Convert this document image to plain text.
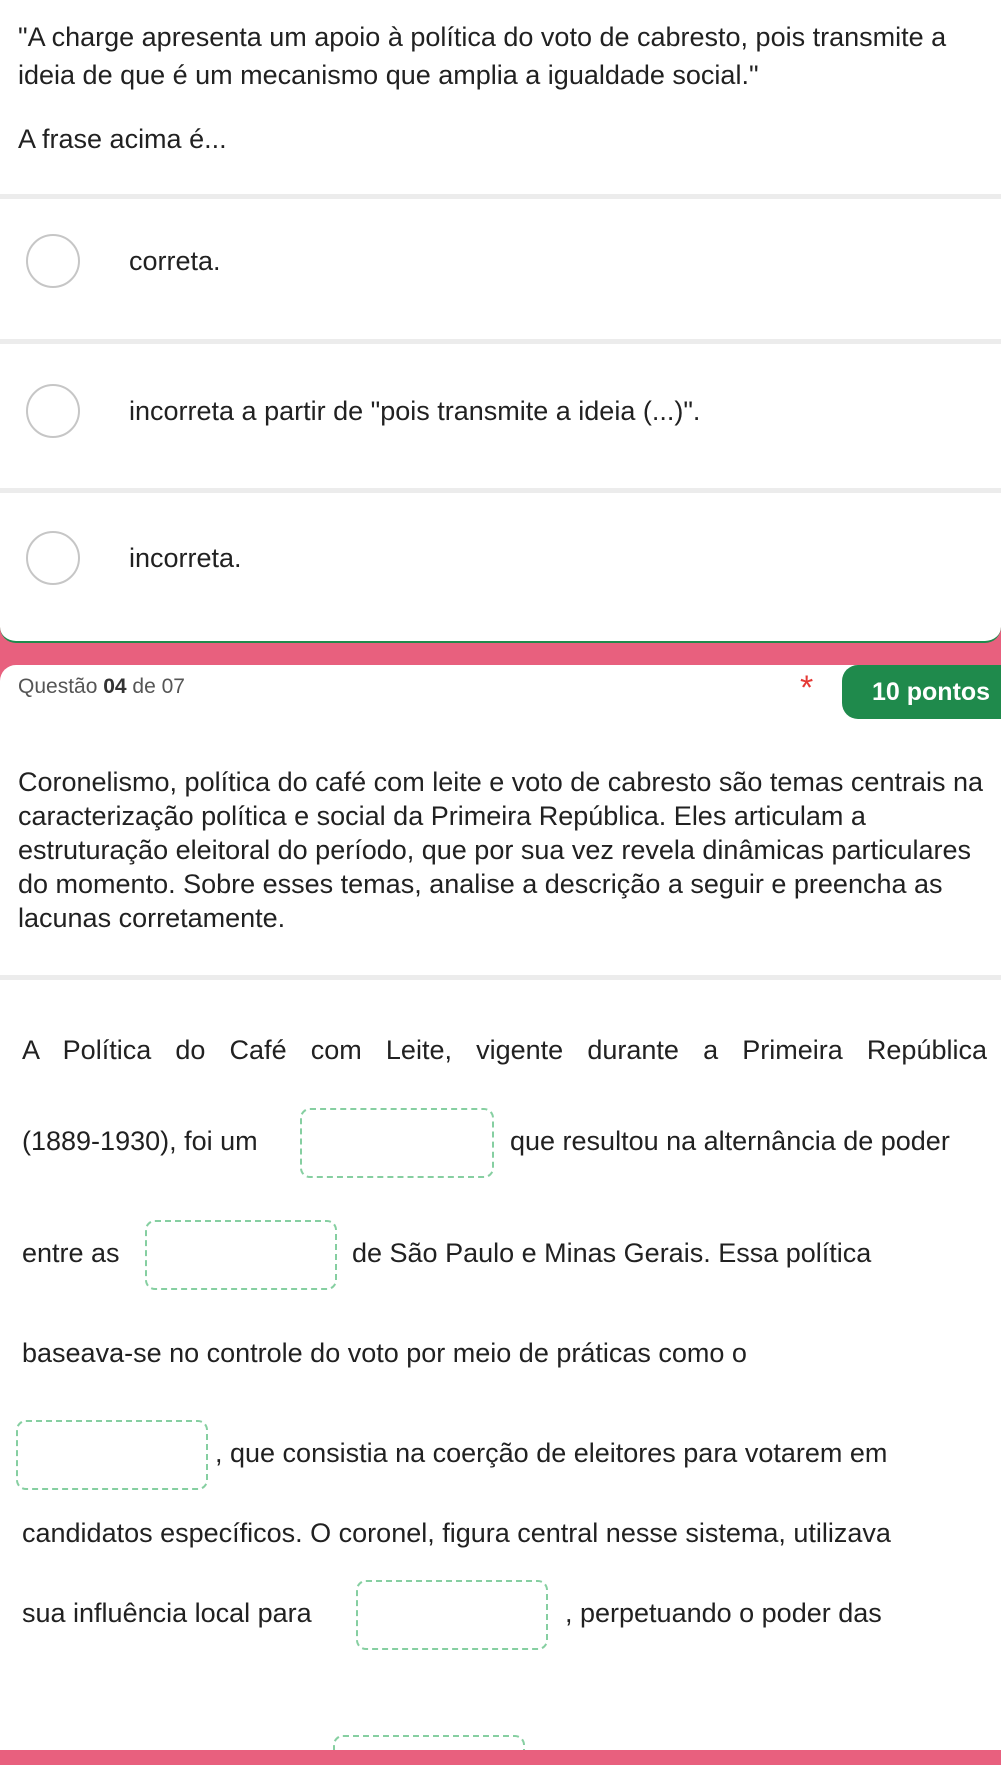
"A charge apresenta um apoio à política do voto de cabresto, pois transmite a ideia de que é um mecanismo que amplia a igualdade social."

A frase acima é...

correta.
incorreta a partir de "pois transmite a ideia (...)".
incorreta.
Questão 04 de 07	*	10 pontos

Coronelismo, política do café com leite e voto de cabresto são temas centrais na caracterização política e social da Primeira República. Eles articulam a estruturação eleitoral do período, que por sua vez revela dinâmicas particulares do momento. Sobre esses temas, analise a descrição a seguir e preencha as lacunas corretamente.

A Política do Café com Leite, vigente durante a Primeira República
(1889-1930), foi um	que resultou na alternância de poder
entre as	de São Paulo e Minas Gerais. Essa política
baseava-se no controle do voto por meio de práticas como o
, que consistia na coerção de eleitores para votarem em
candidatos específicos. O coronel, figura central nesse sistema, utilizava
sua influência local para	, perpetuando o poder das
